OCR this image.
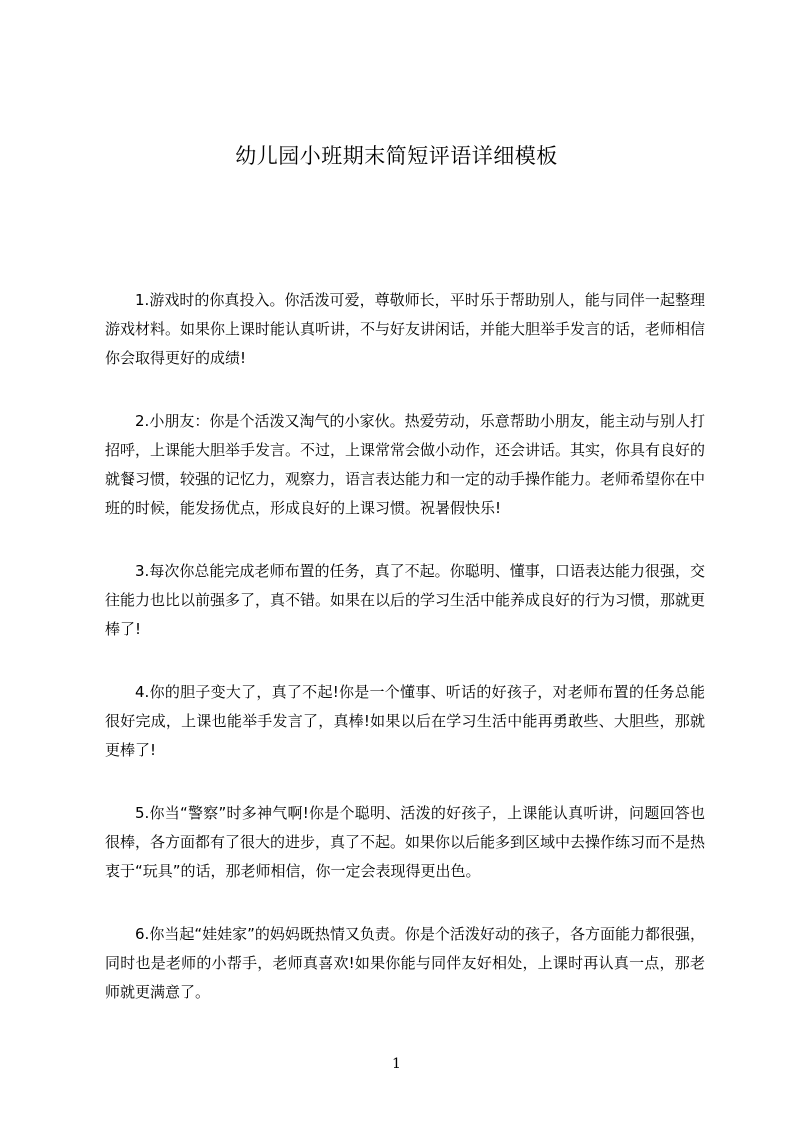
幼儿园小班期末简短评语详细模板

1.游戏时的你真投入。你活泼可爱，尊敬师长，平时乐于帮助别人，能与同伴一起整理游戏材料。如果你上课时能认真听讲，不与好友讲闲话，并能大胆举手发言的话，老师相信你会取得更好的成绩!

2.小朋友：你是个活泼又淘气的小家伙。热爱劳动，乐意帮助小朋友，能主动与别人打招呼，上课能大胆举手发言。不过，上课常常会做小动作，还会讲话。其实，你具有良好的就餐习惯，较强的记忆力，观察力，语言表达能力和一定的动手操作能力。老师希望你在中班的时候，能发扬优点，形成良好的上课习惯。祝暑假快乐!

3.每次你总能完成老师布置的任务，真了不起。你聪明、懂事，口语表达能力很强，交往能力也比以前强多了，真不错。如果在以后的学习生活中能养成良好的行为习惯，那就更棒了!

4.你的胆子变大了，真了不起!你是一个懂事、听话的好孩子，对老师布置的任务总能很好完成，上课也能举手发言了，真棒!如果以后在学习生活中能再勇敢些、大胆些，那就更棒了!

5.你当“警察”时多神气啊!你是个聪明、活泼的好孩子，上课能认真听讲，问题回答也很棒，各方面都有了很大的进步，真了不起。如果你以后能多到区域中去操作练习而不是热衷于“玩具”的话，那老师相信，你一定会表现得更出色。

6.你当起“娃娃家”的妈妈既热情又负责。你是个活泼好动的孩子，各方面能力都很强，同时也是老师的小帮手，老师真喜欢!如果你能与同伴友好相处，上课时再认真一点，那老师就更满意了。

1
